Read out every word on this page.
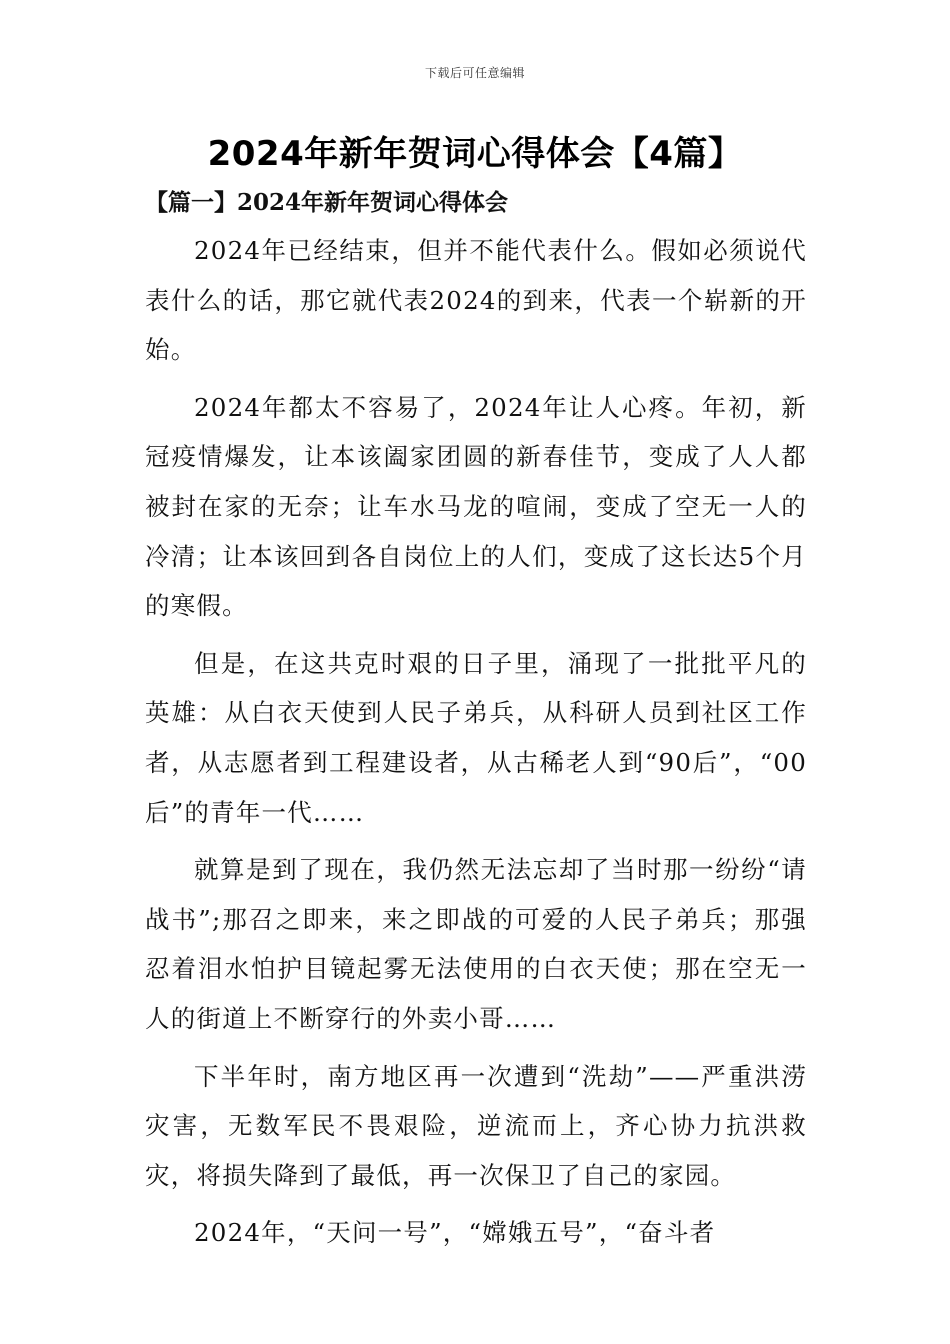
下载后可任意编辑
2024年新年贺词心得体会【4篇】
【篇一】2024年新年贺词心得体会

2024年已经结束，但并不能代表什么。假如必须说代表什么的话，那它就代表2024的到来，代表一个崭新的开始。

2024年都太不容易了，2024年让人心疼。年初，新冠疫情爆发，让本该阖家团圆的新春佳节，变成了人人都被封在家的无奈；让车水马龙的喧闹，变成了空无一人的冷清；让本该回到各自岗位上的人们，变成了这长达5个月的寒假。

但是，在这共克时艰的日子里，涌现了一批批平凡的英雄：从白衣天使到人民子弟兵，从科研人员到社区工作者，从志愿者到工程建设者，从古稀老人到“90后”，“00后”的青年一代……

就算是到了现在，我仍然无法忘却了当时那一纷纷“请战书”;那召之即来，来之即战的可爱的人民子弟兵；那强忍着泪水怕护目镜起雾无法使用的白衣天使；那在空无一人的街道上不断穿行的外卖小哥……

下半年时，南方地区再一次遭到“洗劫”——严重洪涝灾害，无数军民不畏艰险，逆流而上，齐心协力抗洪救灾，将损失降到了最低，再一次保卫了自己的家园。

2024年，“天问一号”，“嫦娥五号”，“奋斗者
